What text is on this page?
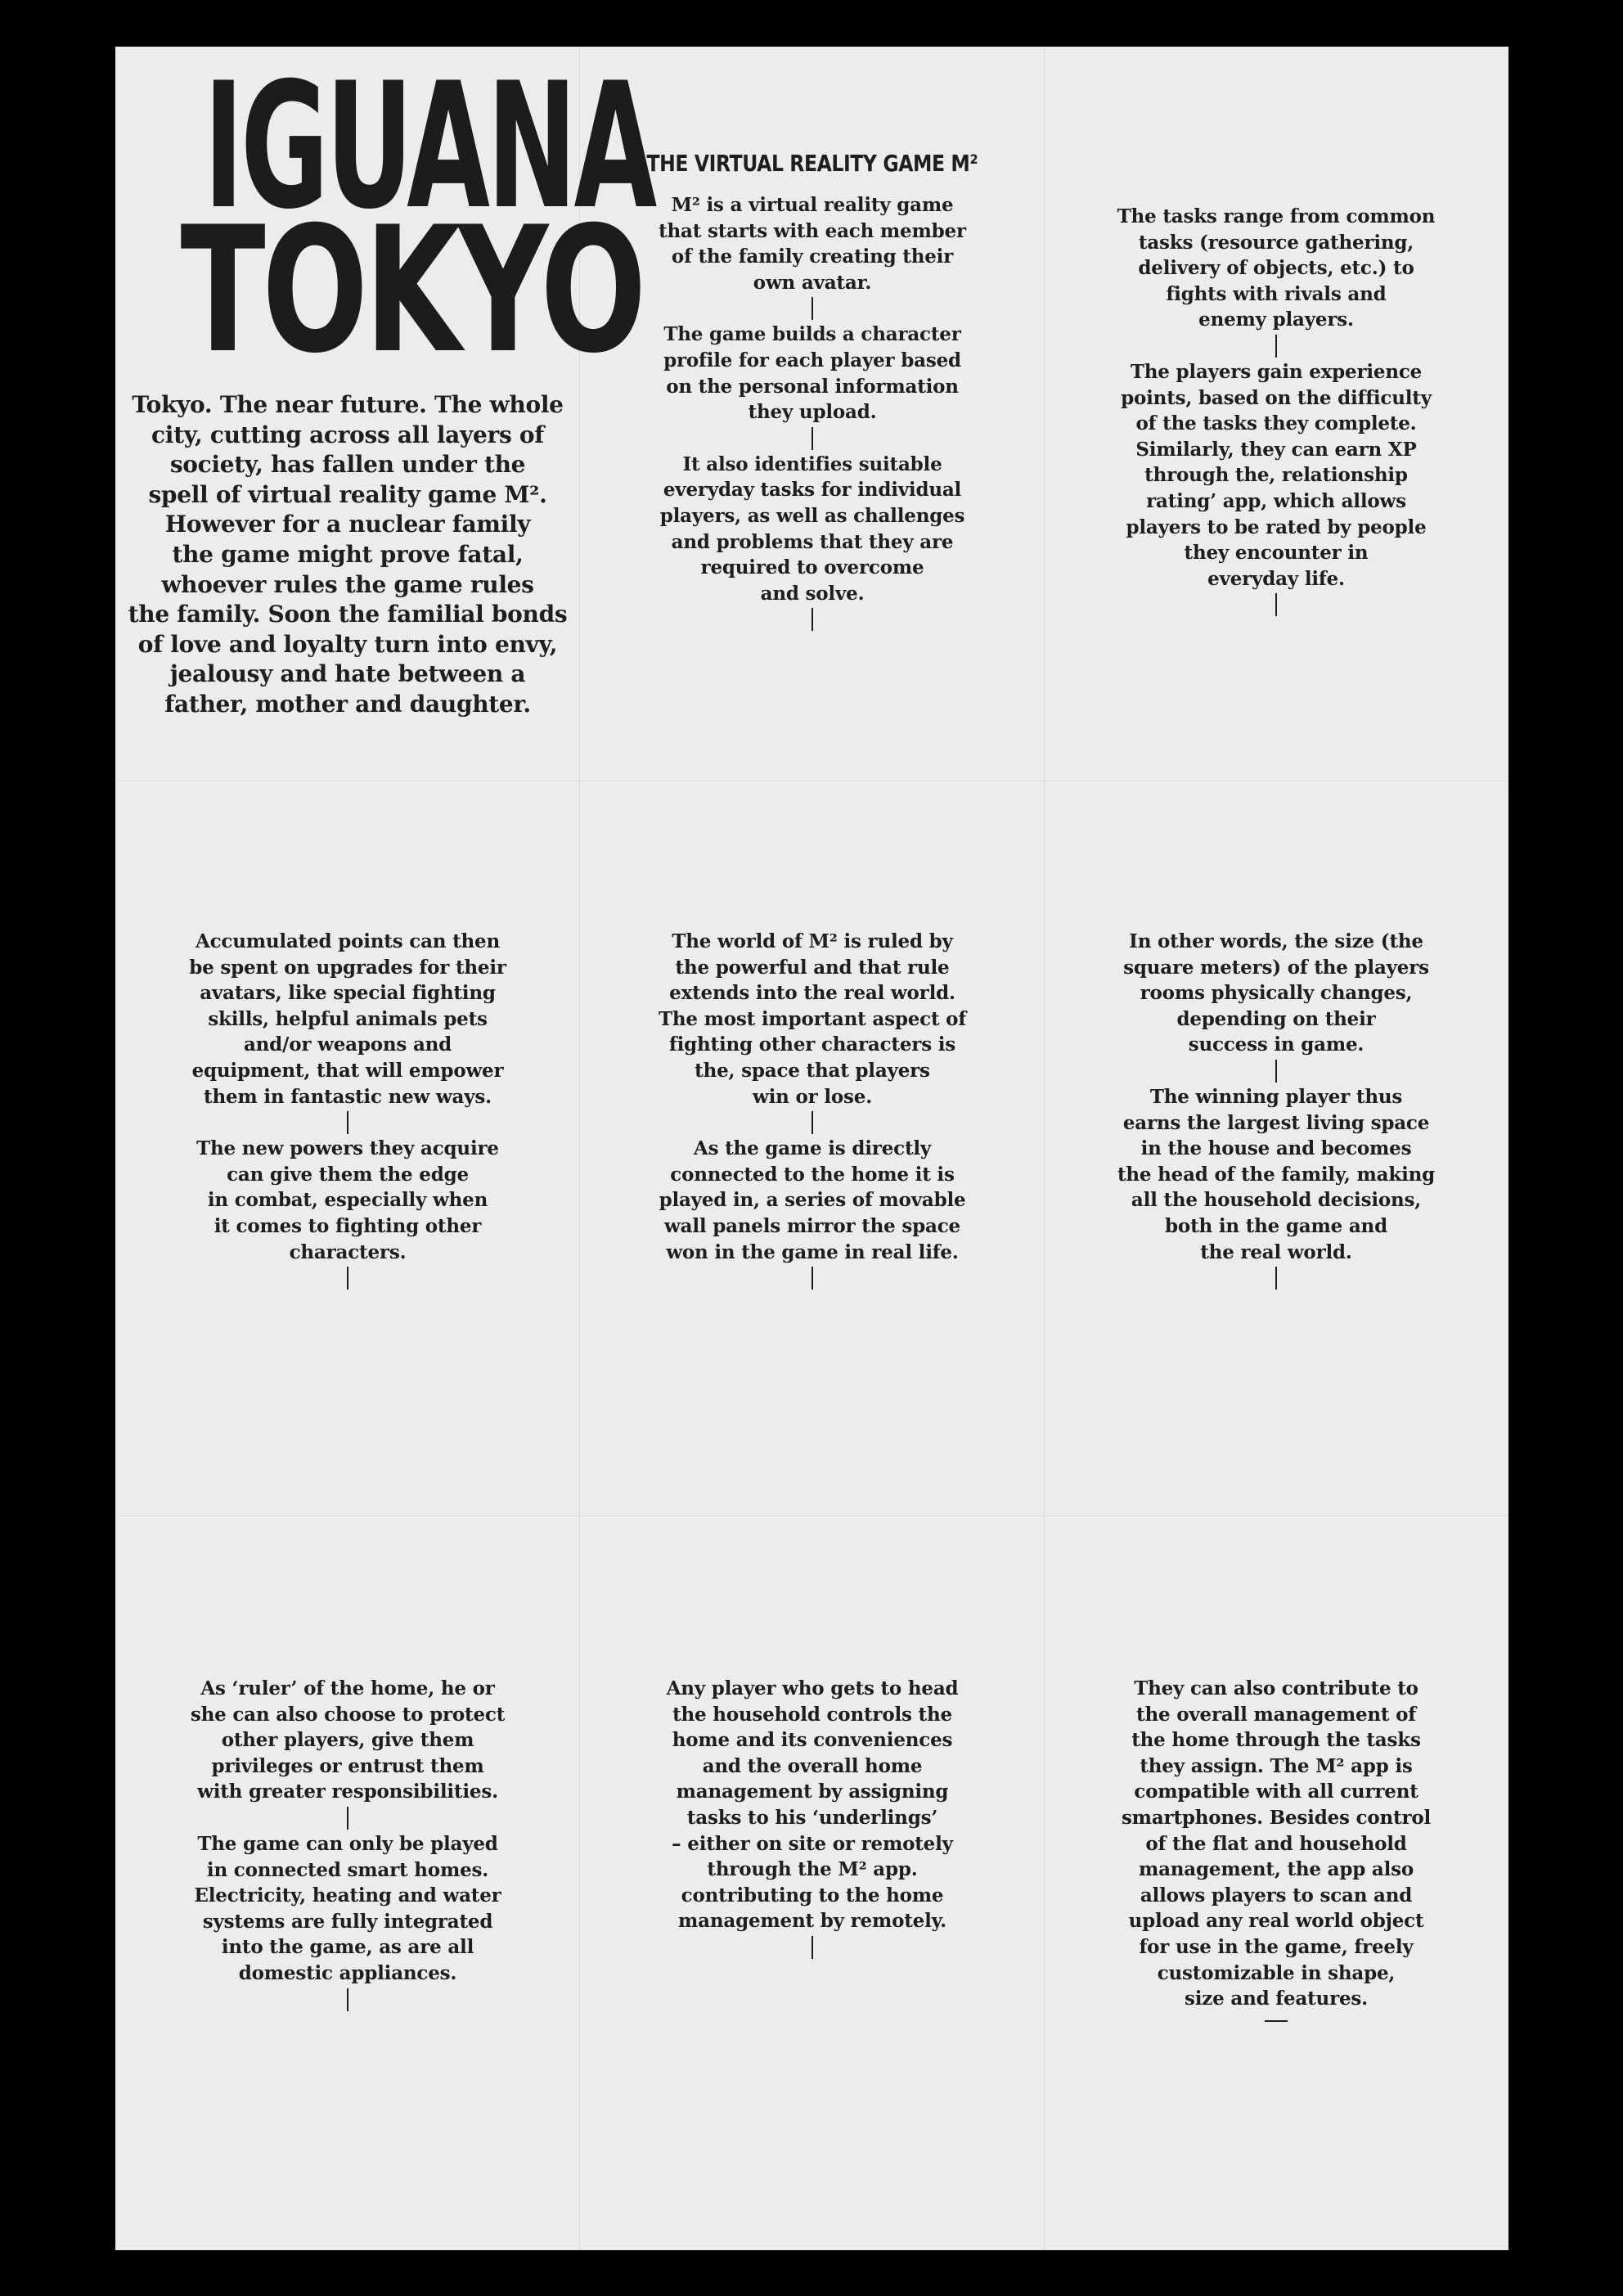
IGUANA
TOKYO
Tokyo. The near future. The whole
city, cutting across all layers of
society, has fallen under the
spell of virtual reality game M².
However for a nuclear family
the game might prove fatal,
whoever rules the game rules
the family. Soon the familial bonds
of love and loyalty turn into envy,
jealousy and hate between a
father, mother and daughter.
THE VIRTUAL REALITY GAME M²
M² is a virtual reality game
that starts with each member
of the family creating their
own avatar.
The game builds a character
profile for each player based
on the personal information
they upload.
It also identifies suitable
everyday tasks for individual
players, as well as challenges
and problems that they are
required to overcome
and solve.
The tasks range from common
tasks (resource gathering,
delivery of objects, etc.) to
fights with rivals and
enemy players.
The players gain experience
points, based on the difficulty
of the tasks they complete.
Similarly, they can earn XP
through the, relationship
rating’ app, which allows
players to be rated by people
they encounter in
everyday life.
Accumulated points can then
be spent on upgrades for their
avatars, like special fighting
skills, helpful animals pets
and/or weapons and
equipment, that will empower
them in fantastic new ways.
The new powers they acquire
can give them the edge
in combat, especially when
it comes to fighting other
characters.
The world of M² is ruled by
the powerful and that rule
extends into the real world.
The most important aspect of
fighting other characters is
the, space that players
win or lose.
As the game is directly
connected to the home it is
played in, a series of movable
wall panels mirror the space
won in the game in real life.
In other words, the size (the
square meters) of the players
rooms physically changes,
depending on their
success in game.
The winning player thus
earns the largest living space
in the house and becomes
the head of the family, making
all the household decisions,
both in the game and
the real world.
As ‘ruler’ of the home, he or
she can also choose to protect
other players, give them
privileges or entrust them
with greater responsibilities.
The game can only be played
in connected smart homes.
Electricity, heating and water
systems are fully integrated
into the game, as are all
domestic appliances.
Any player who gets to head
the household controls the
home and its conveniences
and the overall home
management by assigning
tasks to his ‘underlings’
– either on site or remotely
through the M² app.
contributing to the home
management by remotely.
They can also contribute to
the overall management of
the home through the tasks
they assign. The M² app is
compatible with all current
smartphones. Besides control
of the flat and household
management, the app also
allows players to scan and
upload any real world object
for use in the game, freely
customizable in shape,
size and features.
